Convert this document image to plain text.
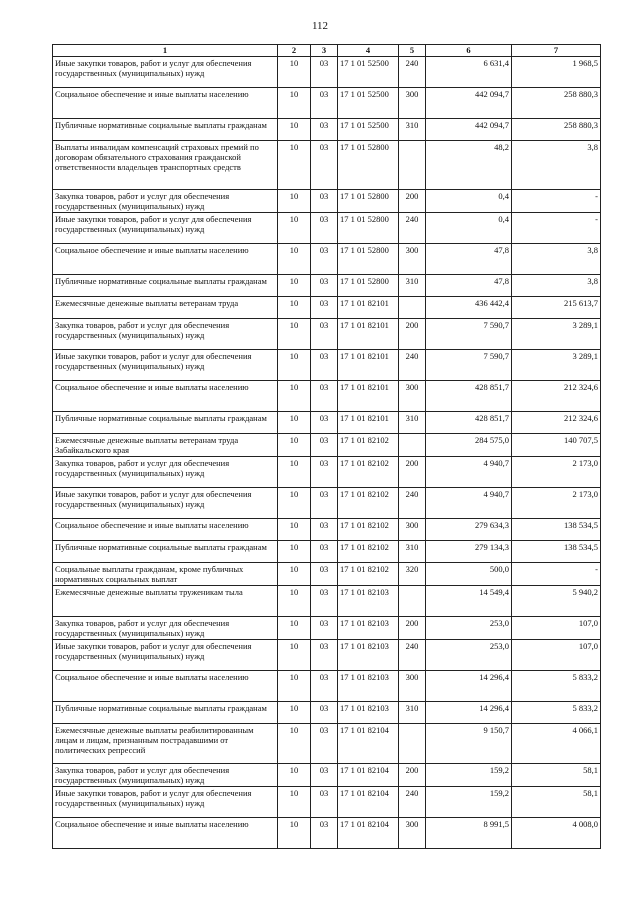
112
1	2	3	4	5	6	7
Иные закупки товаров, работ и услуг для обеспечения государственных (муниципальных) нужд	10	03	17 1 01 52500	240	6 631,4	1 968,5
Социальное обеспечение и иные выплаты населению	10	03	17 1 01 52500	300	442 094,7	258 880,3
Публичные нормативные социальные выплаты гражданам	10	03	17 1 01 52500	310	442 094,7	258 880,3
Выплаты инвалидам компенсаций страховых премий по договорам обязательного страхования гражданской ответственности владельцев транспортных средств	10	03	17 1 01 52800		48,2	3,8
Закупка товаров, работ и услуг для обеспечения государственных (муниципальных) нужд	10	03	17 1 01 52800	200	0,4	-
Иные закупки товаров, работ и услуг для обеспечения государственных (муниципальных) нужд	10	03	17 1 01 52800	240	0,4	-
Социальное обеспечение и иные выплаты населению	10	03	17 1 01 52800	300	47,8	3,8
Публичные нормативные социальные выплаты гражданам	10	03	17 1 01 52800	310	47,8	3,8
Ежемесячные денежные выплаты ветеранам труда	10	03	17 1 01 82101		436 442,4	215 613,7
Закупка товаров, работ и услуг для обеспечения государственных (муниципальных) нужд	10	03	17 1 01 82101	200	7 590,7	3 289,1
Иные закупки товаров, работ и услуг для обеспечения государственных (муниципальных) нужд	10	03	17 1 01 82101	240	7 590,7	3 289,1
Социальное обеспечение и иные выплаты населению	10	03	17 1 01 82101	300	428 851,7	212 324,6
Публичные нормативные социальные выплаты гражданам	10	03	17 1 01 82101	310	428 851,7	212 324,6
Ежемесячные денежные выплаты ветеранам труда Забайкальского края	10	03	17 1 01 82102		284 575,0	140 707,5
Закупка товаров, работ и услуг для обеспечения государственных (муниципальных) нужд	10	03	17 1 01 82102	200	4 940,7	2 173,0
Иные закупки товаров, работ и услуг для обеспечения государственных (муниципальных) нужд	10	03	17 1 01 82102	240	4 940,7	2 173,0
Социальное обеспечение и иные выплаты населению	10	03	17 1 01 82102	300	279 634,3	138 534,5
Публичные нормативные социальные выплаты гражданам	10	03	17 1 01 82102	310	279 134,3	138 534,5
Социальные выплаты гражданам, кроме публичных нормативных социальных выплат	10	03	17 1 01 82102	320	500,0	-
Ежемесячные денежные выплаты труженикам тыла	10	03	17 1 01 82103		14 549,4	5 940,2
Закупка товаров, работ и услуг для обеспечения государственных (муниципальных) нужд	10	03	17 1 01 82103	200	253,0	107,0
Иные закупки товаров, работ и услуг для обеспечения государственных (муниципальных) нужд	10	03	17 1 01 82103	240	253,0	107,0
Социальное обеспечение и иные выплаты населению	10	03	17 1 01 82103	300	14 296,4	5 833,2
Публичные нормативные социальные выплаты гражданам	10	03	17 1 01 82103	310	14 296,4	5 833,2
Ежемесячные денежные выплаты реабилитированным лицам и лицам, признанным пострадавшими от политических репрессий	10	03	17 1 01 82104		9 150,7	4 066,1
Закупка товаров, работ и услуг для обеспечения государственных (муниципальных) нужд	10	03	17 1 01 82104	200	159,2	58,1
Иные закупки товаров, работ и услуг для обеспечения государственных (муниципальных) нужд	10	03	17 1 01 82104	240	159,2	58,1
Социальное обеспечение и иные выплаты населению	10	03	17 1 01 82104	300	8 991,5	4 008,0
